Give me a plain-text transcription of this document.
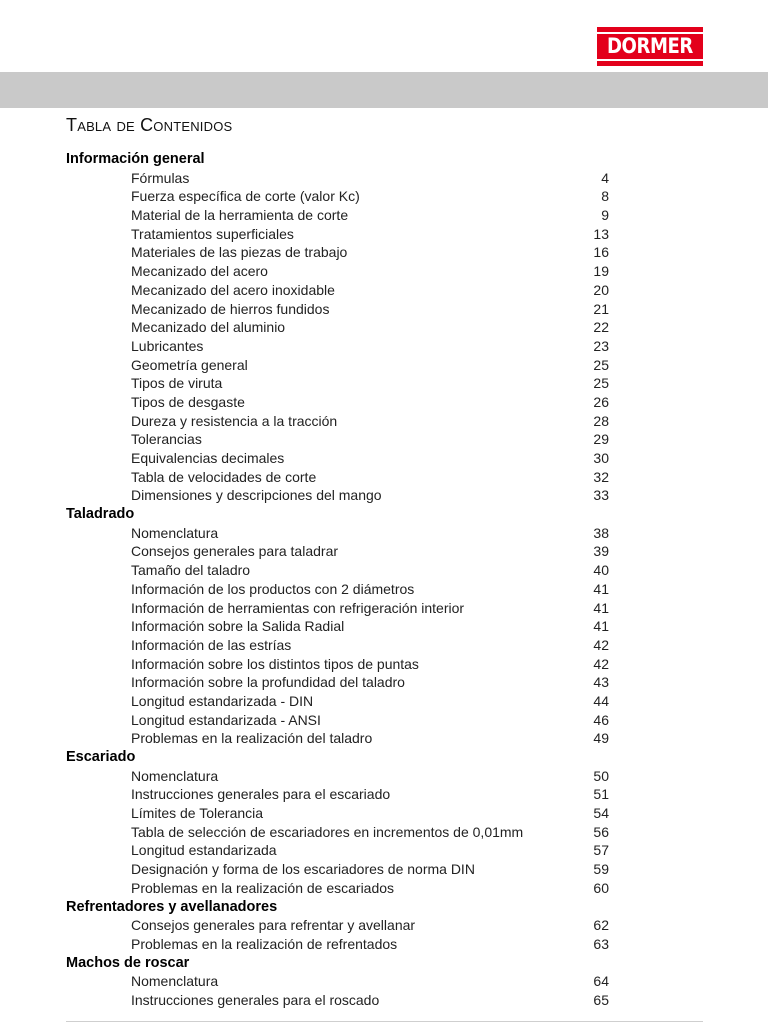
DORMER
Tabla de Contenidos
Información general
Fórmulas	4
Fuerza específica de corte (valor Kc)	8
Material de la herramienta de corte	9
Tratamientos superficiales	13
Materiales de las piezas de trabajo	16
Mecanizado del acero	19
Mecanizado del acero inoxidable	20
Mecanizado de hierros fundidos	21
Mecanizado del aluminio	22
Lubricantes	23
Geometría general	25
Tipos de viruta	25
Tipos de desgaste	26
Dureza y resistencia a la tracción	28
Tolerancias	29
Equivalencias decimales	30
Tabla de velocidades de corte	32
Dimensiones y descripciones del mango	33
Taladrado
Nomenclatura	38
Consejos generales para taladrar	39
Tamaño del taladro	40
Información de los productos con 2 diámetros	41
Información de herramientas con refrigeración interior	41
Información sobre la Salida Radial	41
Información de las estrías	42
Información sobre los distintos tipos de puntas	42
Información sobre la profundidad del taladro	43
Longitud estandarizada - DIN	44
Longitud estandarizada - ANSI	46
Problemas en la realización del taladro	49
Escariado
Nomenclatura	50
Instrucciones generales para el escariado	51
Límites de Tolerancia	54
Tabla de selección de escariadores en incrementos de 0,01mm	56
Longitud estandarizada	57
Designación y forma de los escariadores de norma DIN	59
Problemas en la realización de escariados	60
Refrentadores y avellanadores
Consejos generales para refrentar y avellanar	62
Problemas en la realización de refrentados	63
Machos de roscar
Nomenclatura	64
Instrucciones generales para el roscado	65
